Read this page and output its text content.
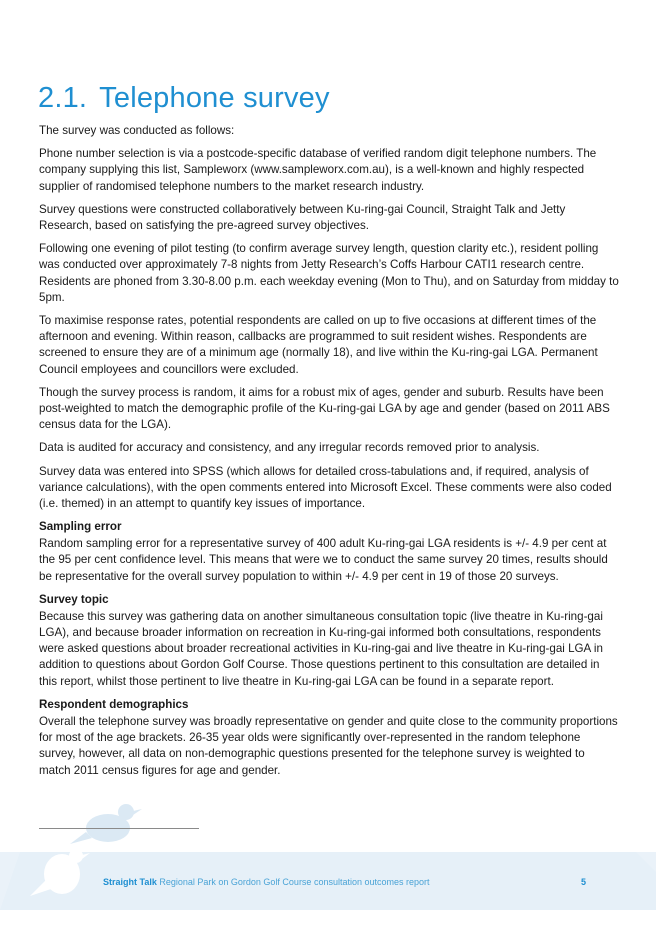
2.1. Telephone survey

The survey was conducted as follows:

Phone number selection is via a postcode-specific database of verified random digit telephone numbers. The company supplying this list, Sampleworx (www.sampleworx.com.au), is a well-known and highly respected supplier of randomised telephone numbers to the market research industry.

Survey questions were constructed collaboratively between Ku-ring-gai Council, Straight Talk and Jetty Research, based on satisfying the pre-agreed survey objectives.

Following one evening of pilot testing (to confirm average survey length, question clarity etc.), resident polling was conducted over approximately 7-8 nights from Jetty Research’s Coffs Harbour CATI1 research centre. Residents are phoned from 3.30-8.00 p.m. each weekday evening (Mon to Thu), and on Saturday from midday to 5pm.

To maximise response rates, potential respondents are called on up to five occasions at different times of the afternoon and evening. Within reason, callbacks are programmed to suit resident wishes. Respondents are screened to ensure they are of a minimum age (normally 18), and live within the Ku-ring-gai LGA. Permanent Council employees and councillors were excluded.

Though the survey process is random, it aims for a robust mix of ages, gender and suburb. Results have been post-weighted to match the demographic profile of the Ku-ring-gai LGA by age and gender (based on 2011 ABS census data for the LGA).

Data is audited for accuracy and consistency, and any irregular records removed prior to analysis.

Survey data was entered into SPSS (which allows for detailed cross-tabulations and, if required, analysis of variance calculations), with the open comments entered into Microsoft Excel. These comments were also coded (i.e. themed) in an attempt to quantify key issues of importance.

Sampling error

Random sampling error for a representative survey of 400 adult Ku-ring-gai LGA residents is +/- 4.9 per cent at the 95 per cent confidence level. This means that were we to conduct the same survey 20 times, results should be representative for the overall survey population to within +/- 4.9 per cent in 19 of those 20 surveys.

Survey topic

Because this survey was gathering data on another simultaneous consultation topic (live theatre in Ku-ring-gai LGA), and because broader information on recreation in Ku-ring-gai informed both consultations, respondents were asked questions about broader recreational activities in Ku-ring-gai and live theatre in Ku-ring-gai LGA in addition to questions about Gordon Golf Course. Those questions pertinent to this consultation are detailed in this report, whilst those pertinent to live theatre in Ku-ring-gai LGA can be found in a separate report.

Respondent demographics

Overall the telephone survey was broadly representative on gender and quite close to the community proportions for most of the age brackets. 26-35 year olds were significantly over-represented in the random telephone survey, however, all data on non-demographic questions presented for the telephone survey is weighted to match 2011 census figures for age and gender.

Straight Talk Regional Park on Gordon Golf Course consultation outcomes report	5
